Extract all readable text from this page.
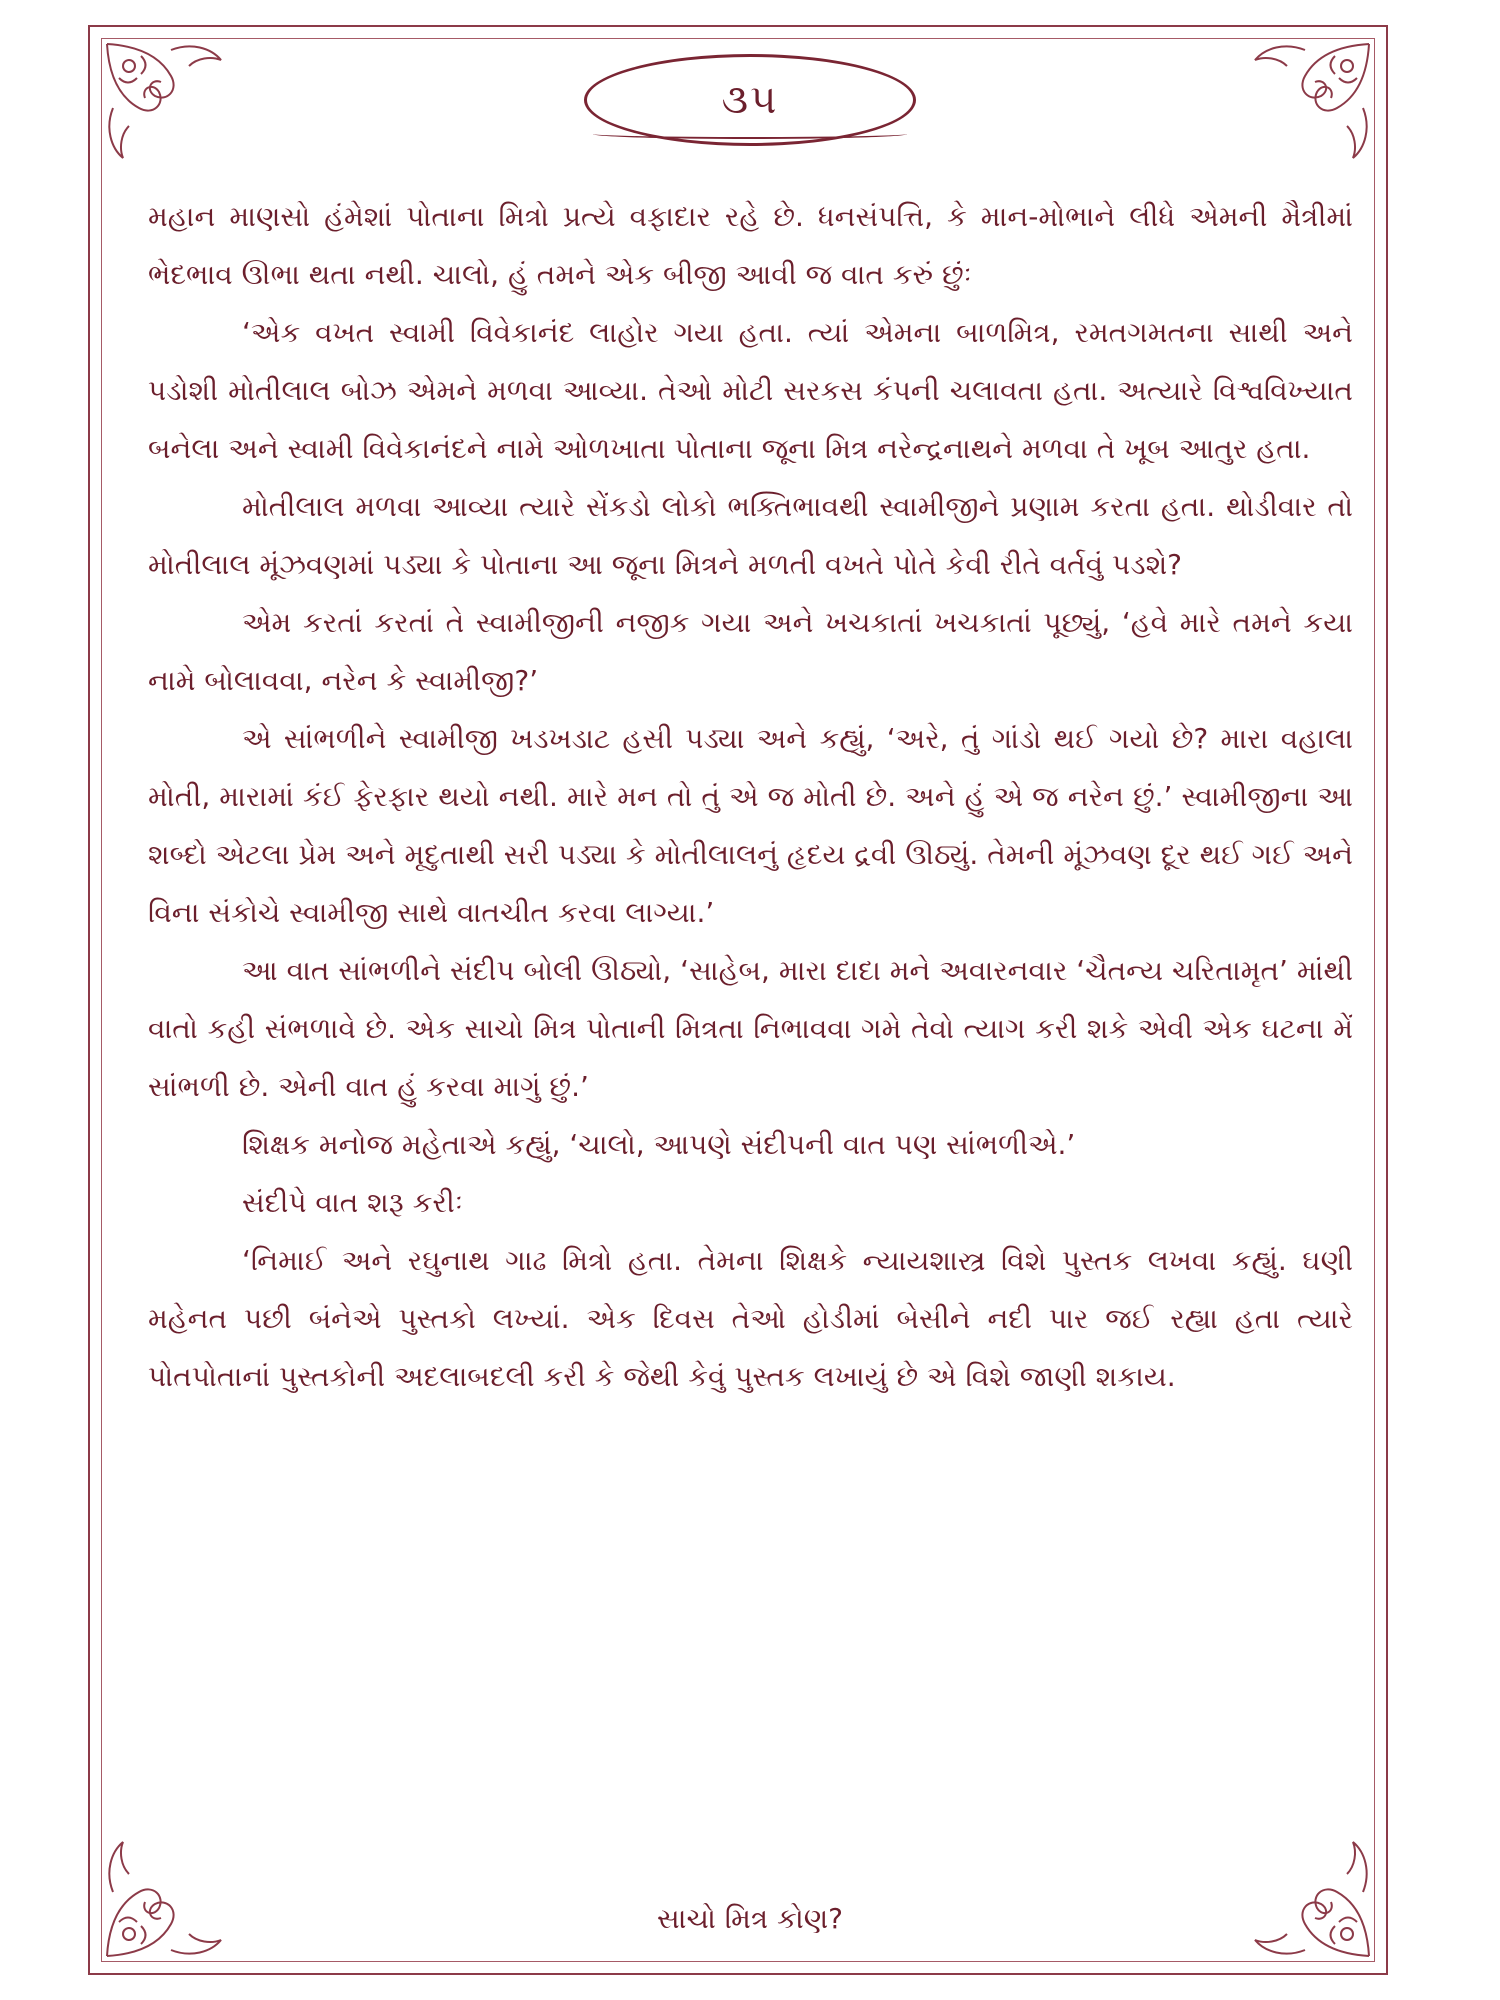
૩૫

મહાન માણસો હંમેશાં પોતાના મિત્રો પ્રત્યે વફાદાર રહે છે. ધનસંપત્તિ, કે માન-મોભાને લીધે એમની મૈત્રીમાં ભેદભાવ ઊભા થતા નથી. ચાલો, હું તમને એક બીજી આવી જ વાત કરું છુંઃ

‘એક વખત સ્વામી વિવેકાનંદ લાહોર ગયા હતા. ત્યાં એમના બાળમિત્ર, રમતગમતના સાથી અને પડોશી મોતીલાલ બોઝ એમને મળવા આવ્યા. તેઓ મોટી સરકસ કંપની ચલાવતા હતા. અત્યારે વિશ્વવિખ્યાત બનેલા અને સ્વામી વિવેકાનંદને નામે ઓળખાતા પોતાના જૂના મિત્ર નરેન્દ્રનાથને મળવા તે ખૂબ આતુર હતા.

મોતીલાલ મળવા આવ્યા ત્યારે સેંકડો લોકો ભક્તિભાવથી સ્વામીજીને પ્રણામ કરતા હતા. થોડીવાર તો મોતીલાલ મૂંઝવણમાં પડ્યા કે પોતાના આ જૂના મિત્રને મળતી વખતે પોતે કેવી રીતે વર્તવું પડશે?

એમ કરતાં કરતાં તે સ્વામીજીની નજીક ગયા અને ખચકાતાં ખચકાતાં પૂછ્યું, ‘હવે મારે તમને કયા નામે બોલાવવા, નરેન કે સ્વામીજી?’

એ સાંભળીને સ્વામીજી ખડખડાટ હસી પડ્યા અને કહ્યું, ‘અરે, તું ગાંડો થઈ ગયો છે? મારા વહાલા મોતી, મારામાં કંઈ ફેરફાર થયો નથી. મારે મન તો તું એ જ મોતી છે. અને હું એ જ નરેન છું.’ સ્વામીજીના આ શબ્દો એટલા પ્રેમ અને મૃદુતાથી સરી પડ્યા કે મોતીલાલનું હૃદય દ્રવી ઊઠ્યું. તેમની મૂંઝવણ દૂર થઈ ગઈ અને વિના સંકોચે સ્વામીજી સાથે વાતચીત કરવા લાગ્યા.’

આ વાત સાંભળીને સંદીપ બોલી ઊઠ્યો, ‘સાહેબ, મારા દાદા મને અવારનવાર ‘ચૈતન્ય ચરિતામૃત’ માંથી વાતો કહી સંભળાવે છે. એક સાચો મિત્ર પોતાની મિત્રતા નિભાવવા ગમે તેવો ત્યાગ કરી શકે એવી એક ઘટના મેં સાંભળી છે. એની વાત હું કરવા માગું છું.’

શિક્ષક મનોજ મહેતાએ કહ્યું, ‘ચાલો, આપણે સંદીપની વાત પણ સાંભળીએ.’

સંદીપે વાત શરૂ કરીઃ

‘નિમાઈ અને રઘુનાથ ગાઢ મિત્રો હતા. તેમના શિક્ષકે ન્યાયશાસ્ત્ર વિશે પુસ્તક લખવા કહ્યું. ઘણી મહેનત પછી બંનેએ પુસ્તકો લખ્યાં. એક દિવસ તેઓ હોડીમાં બેસીને નદી પાર જઈ રહ્યા હતા ત્યારે પોતપોતાનાં પુસ્તકોની અદલાબદલી કરી કે જેથી કેવું પુસ્તક લખાયું છે એ વિશે જાણી શકાય.

સાચો મિત્ર કોણ?
